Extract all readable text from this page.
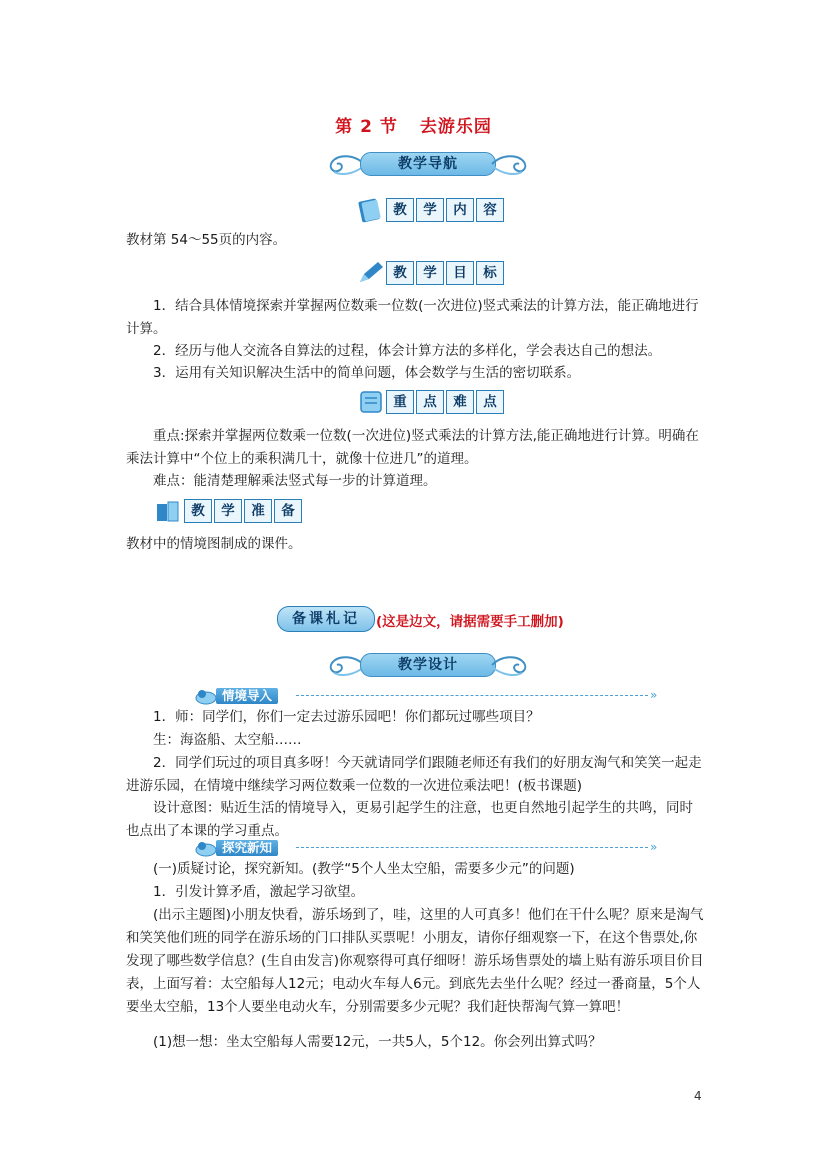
第 2 节 去游乐园
教学导航
教	学	内	容

教材第 54～55页的内容。

教	学	目	标

1．结合具体情境探索并掌握两位数乘一位数(一次进位)竖式乘法的计算方法，能正确地进行计算。

2．经历与他人交流各自算法的过程，体会计算方法的多样化，学会表达自己的想法。

3．运用有关知识解决生活中的简单问题，体会数学与生活的密切联系。

重	点	难	点

重点:探索并掌握两位数乘一位数(一次进位)竖式乘法的计算方法,能正确地进行计算。明确在乘法计算中“个位上的乘积满几十，就像十位进几”的道理。

难点：能清楚理解乘法竖式每一步的计算道理。

教	学	准	备

教材中的情境图制成的课件。

备课札记	(这是边文，请据需要手工删加)
教学设计
情境导入	»

1．师：同学们，你们一定去过游乐园吧！你们都玩过哪些项目？

生：海盗船、太空船……

2．同学们玩过的项目真多呀！今天就请同学们跟随老师还有我们的好朋友淘气和笑笑一起走进游乐园，在情境中继续学习两位数乘一位数的一次进位乘法吧！(板书课题)

设计意图：贴近生活的情境导入，更易引起学生的注意，也更自然地引起学生的共鸣，同时也点出了本课的学习重点。

探究新知	»

(一)质疑讨论，探究新知。(教学“5个人坐太空船，需要多少元”的问题)

1．引发计算矛盾，激起学习欲望。

(出示主题图)小朋友快看，游乐场到了，哇，这里的人可真多！他们在干什么呢？原来是淘气和笑笑他们班的同学在游乐场的门口排队买票呢！小朋友，请你仔细观察一下，在这个售票处,你发现了哪些数学信息？(生自由发言)你观察得可真仔细呀！游乐场售票处的墙上贴有游乐项目价目表，上面写着：太空船每人12元；电动火车每人6元。到底先去坐什么呢？经过一番商量，5个人要坐太空船，13个人要坐电动火车，分别需要多少元呢？我们赶快帮淘气算一算吧！

(1)想一想：坐太空船每人需要12元，一共5人，5个12。你会列出算式吗？

4
